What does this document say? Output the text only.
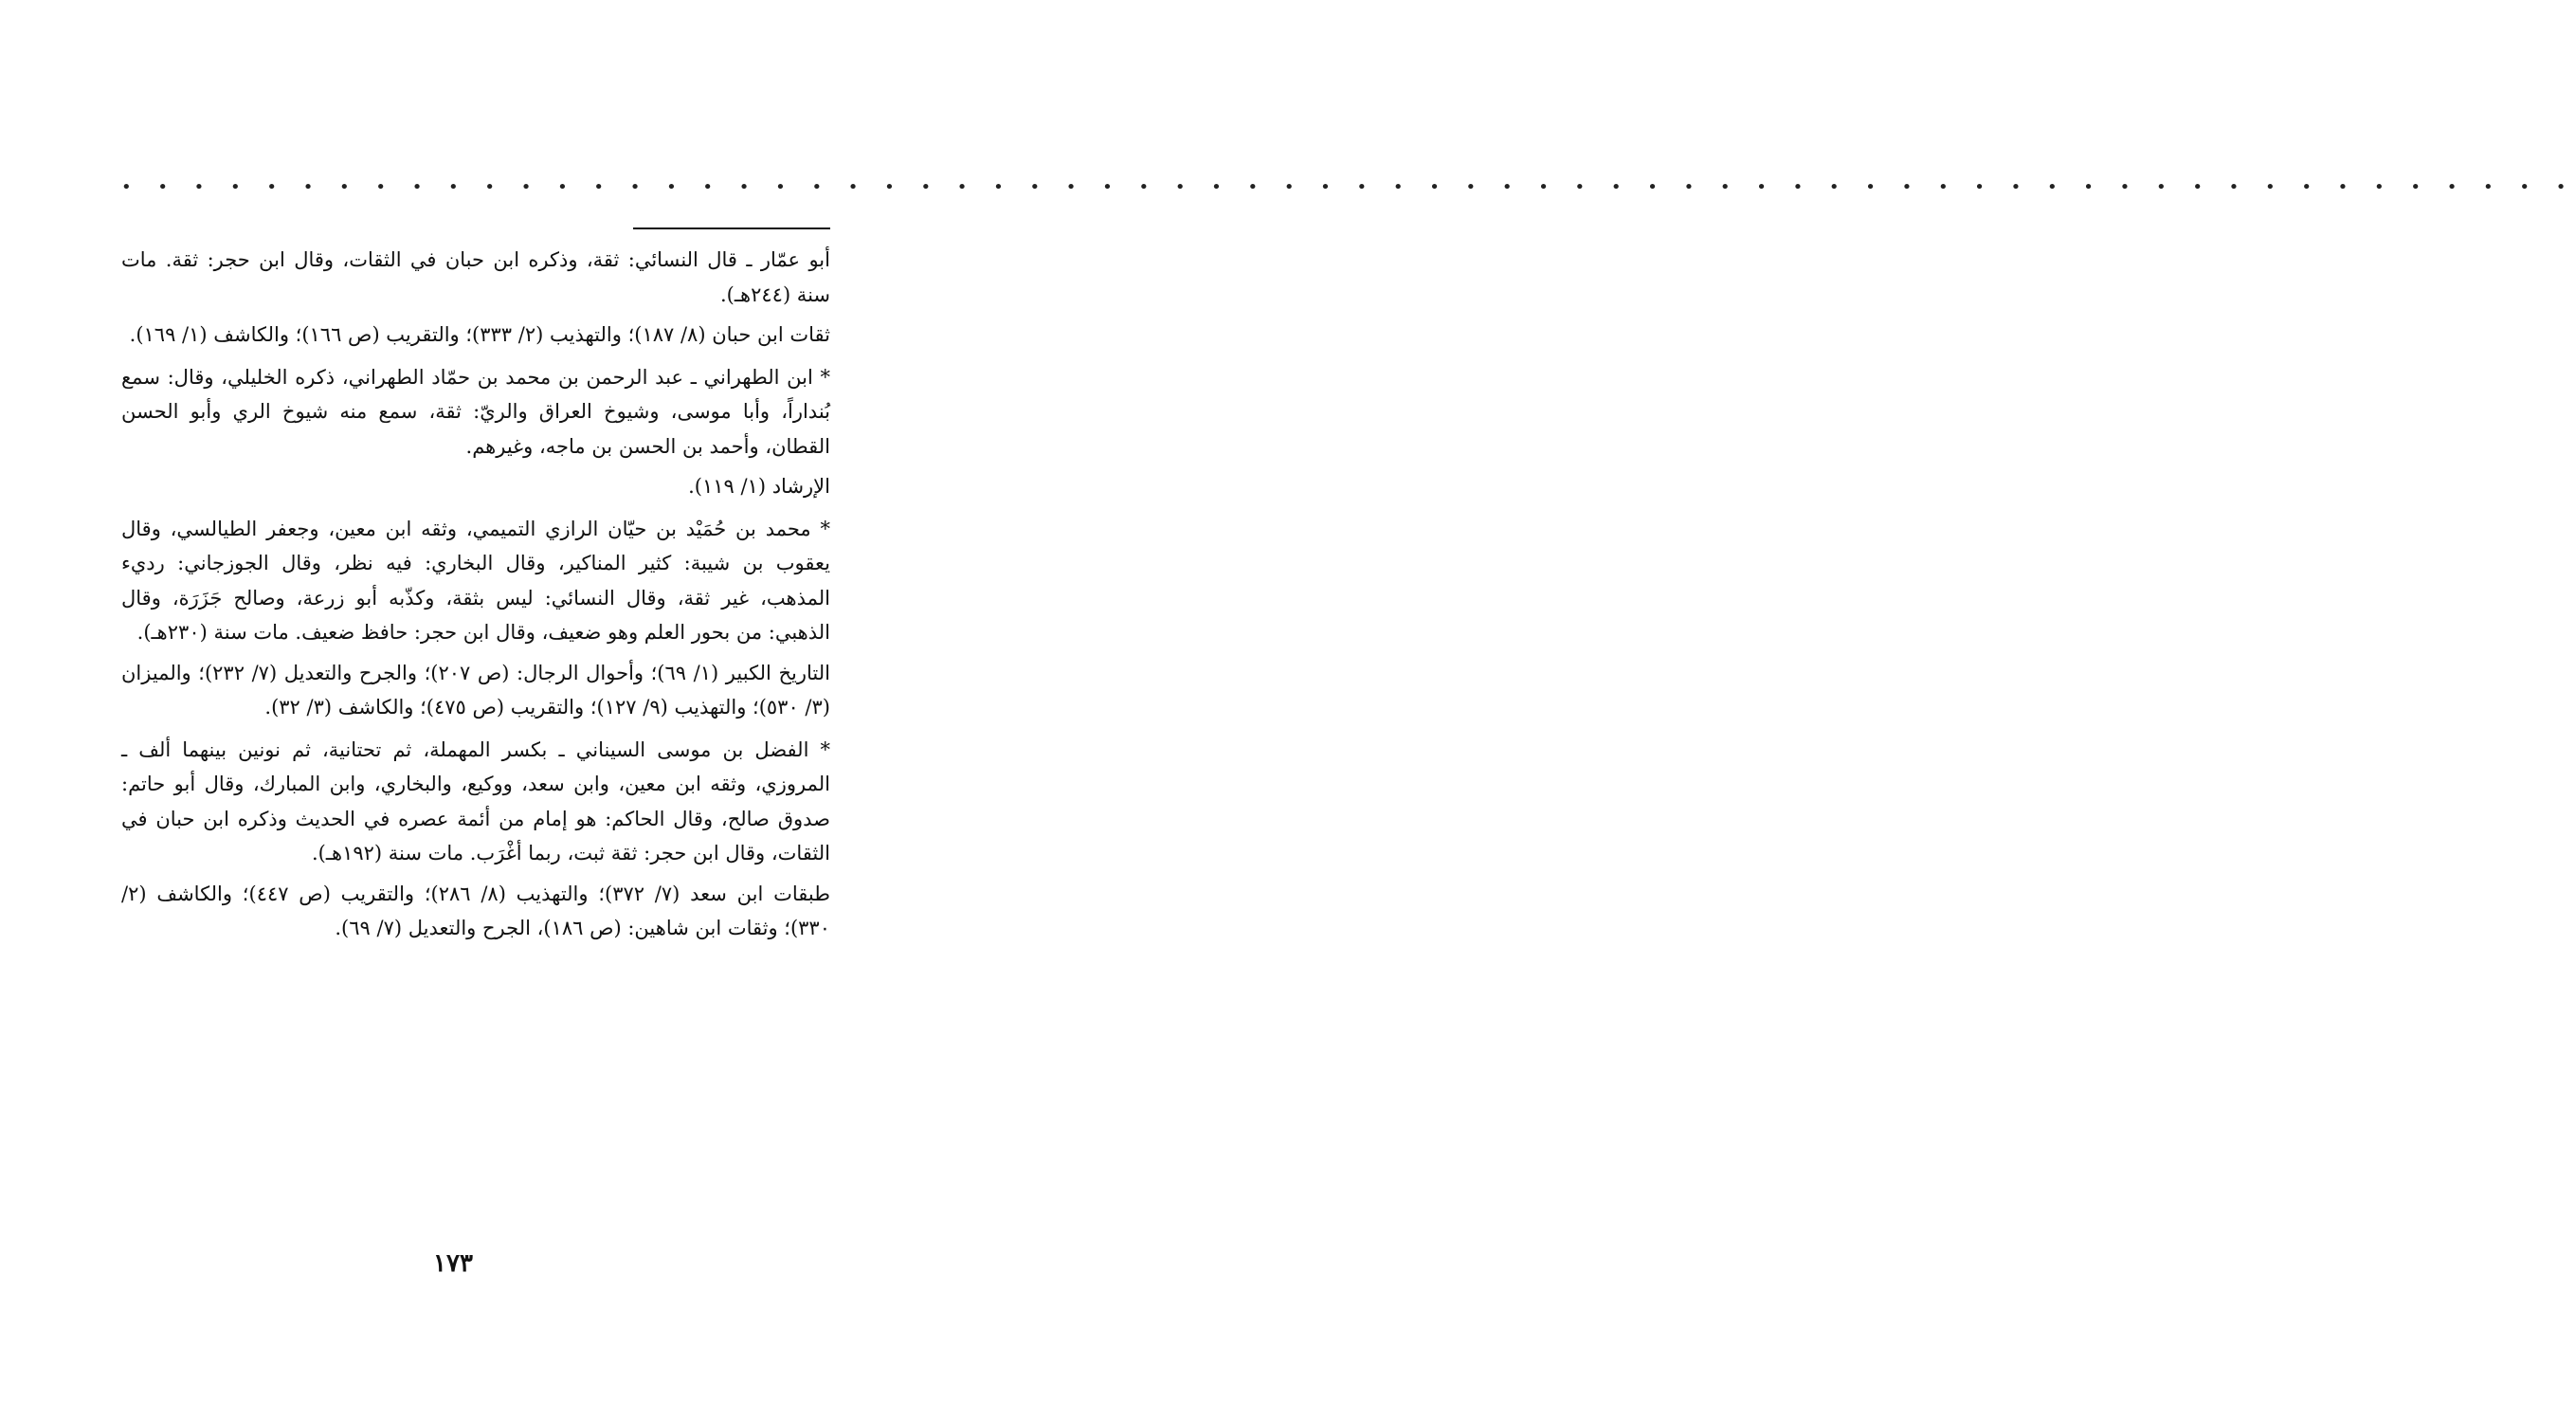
• • • • • • • • • • • • • • • • • • • • • • • • • • • • • • • • • • • • • • • • • • • • • • • • • • • • • • • • • • • • • • • • • • • •

أبو عمّار ـ قال النسائي: ثقة، وذكره ابن حبان في الثقات، وقال ابن حجر: ثقة. مات سنة (٢٤٤هـ).

ثقات ابن حبان (٨/ ١٨٧)؛ والتهذيب (٢/ ٣٣٣)؛ والتقريب (ص ١٦٦)؛ والكاشف (١/ ١٦٩).

* ابن الطهراني ـ عبد الرحمن بن محمد بن حمّاد الطهراني، ذكره الخليلي، وقال: سمع بُنداراً، وأبا موسى، وشيوخ العراق والريّ: ثقة، سمع منه شيوخ الري وأبو الحسن القطان، وأحمد بن الحسن بن ماجه، وغيرهم.

الإرشاد (١/ ١١٩).

* محمد بن حُمَيْد بن حيّان الرازي التميمي، وثقه ابن معين، وجعفر الطيالسي، وقال يعقوب بن شيبة: كثير المناكير، وقال البخاري: فيه نظر، وقال الجوزجاني: رديء المذهب، غير ثقة، وقال النسائي: ليس بثقة، وكذّبه أبو زرعة، وصالح جَزَرَة، وقال الذهبي: من بحور العلم وهو ضعيف، وقال ابن حجر: حافظ ضعيف. مات سنة (٢٣٠هـ).

التاريخ الكبير (١/ ٦٩)؛ وأحوال الرجال: (ص ٢٠٧)؛ والجرح والتعديل (٧/ ٢٣٢)؛ والميزان (٣/ ٥٣٠)؛ والتهذيب (٩/ ١٢٧)؛ والتقريب (ص ٤٧٥)؛ والكاشف (٣/ ٣٢).

* الفضل بن موسى السيناني ـ بكسر المهملة، ثم تحتانية، ثم نونين بينهما ألف ـ المروزي، وثقه ابن معين، وابن سعد، ووكيع، والبخاري، وابن المبارك، وقال أبو حاتم: صدوق صالح، وقال الحاكم: هو إمام من أئمة عصره في الحديث وذكره ابن حبان في الثقات، وقال ابن حجر: ثقة ثبت، ربما أغْرَب. مات سنة (١٩٢هـ).

طبقات ابن سعد (٧/ ٣٧٢)؛ والتهذيب (٨/ ٢٨٦)؛ والتقريب (ص ٤٤٧)؛ والكاشف (٢/ ٣٣٠)؛ وثقات ابن شاهين: (ص ١٨٦)، الجرح والتعديل (٧/ ٦٩).

١٧٣
